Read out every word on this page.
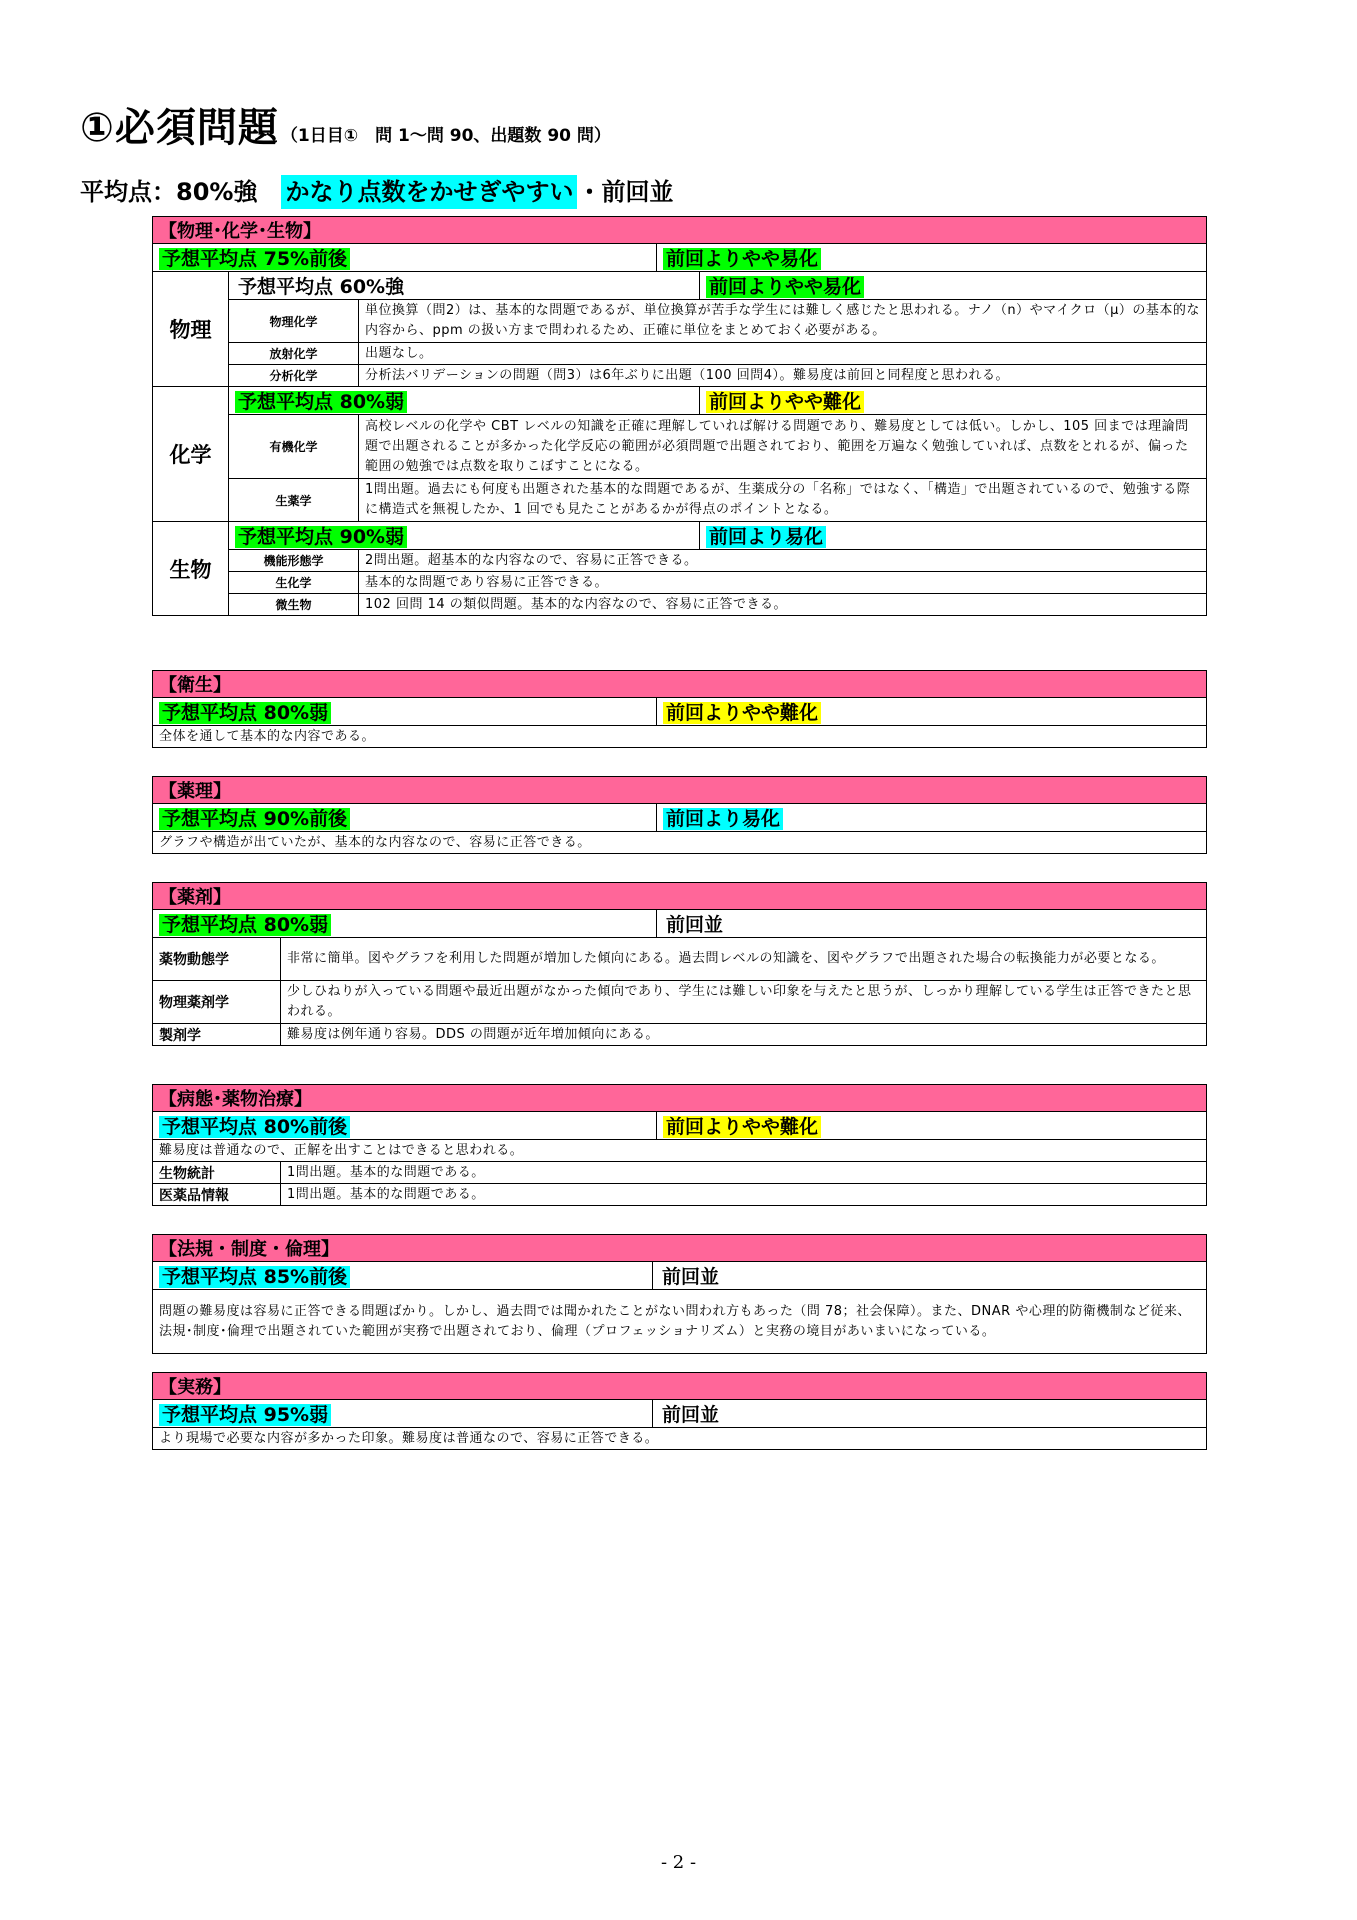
①必須問題 （1日目①　問 1～問 90、出題数 90 問）
平均点：80%強 かなり点数をかせぎやすい ・前回並
【物理･化学･生物】				
予想平均点 75%前後			前回よりやや易化	
物理	予想平均点 60%強			前回よりやや易化
	物理化学	単位換算（問2）は、基本的な問題であるが、単位換算が苦手な学生には難しく感じたと思われる。ナノ（n）やマイクロ（μ）の基本的な内容から、ppm の扱い方まで問われるため、正確に単位をまとめておく必要がある。		
	放射化学	出題なし。		
	分析化学	分析法バリデーションの問題（問3）は6年ぶりに出題（100 回問4）。難易度は前回と同程度と思われる。		
化学	予想平均点 80%弱			前回よりやや難化
	有機化学	高校レベルの化学や CBT レベルの知識を正確に理解していれば解ける問題であり、難易度としては低い。しかし、105 回までは理論問題で出題されることが多かった化学反応の範囲が必須問題で出題されており、範囲を万遍なく勉強していれば、点数をとれるが、偏った範囲の勉強では点数を取りこぼすことになる。		
	生薬学	1問出題。過去にも何度も出題された基本的な問題であるが、生薬成分の「名称」ではなく、「構造」で出題されているので、勉強する際に構造式を無視したか、1 回でも見たことがあるかが得点のポイントとなる。		
生物	予想平均点 90%弱			前回より易化
	機能形態学	2問出題。超基本的な内容なので、容易に正答できる。		
	生化学	基本的な問題であり容易に正答できる。		
	微生物	102 回問 14 の類似問題。基本的な内容なので、容易に正答できる。		
【衛生】
予想平均点 80%弱	前回よりやや難化
全体を通して基本的な内容である。
【薬理】
予想平均点 90%前後	前回より易化
グラフや構造が出ていたが、基本的な内容なので、容易に正答できる。
【薬剤】		
予想平均点 80%弱		前回並
薬物動態学	非常に簡単。図やグラフを利用した問題が増加した傾向にある。過去問レベルの知識を、図やグラフで出題された場合の転換能力が必要となる。	
物理薬剤学	少しひねりが入っている問題や最近出題がなかった傾向であり、学生には難しい印象を与えたと思うが、しっかり理解している学生は正答できたと思われる。	
製剤学	難易度は例年通り容易。DDS の問題が近年増加傾向にある。	
【病態･薬物治療】		
予想平均点 80%前後		前回よりやや難化
難易度は普通なので、正解を出すことはできると思われる。		
生物統計	1問出題。基本的な問題である。	
医薬品情報	1問出題。基本的な問題である。	
【法規・制度・倫理】
予想平均点 85%前後	前回並
問題の難易度は容易に正答できる問題ばかり。しかし、過去問では聞かれたことがない問われ方もあった（問 78；社会保障）。また、DNAR や心理的防衛機制など従来、法規･制度･倫理で出題されていた範囲が実務で出題されており、倫理（プロフェッショナリズム）と実務の境目があいまいになっている。
【実務】
予想平均点 95%弱	前回並
より現場で必要な内容が多かった印象。難易度は普通なので、容易に正答できる。
- 2 -
